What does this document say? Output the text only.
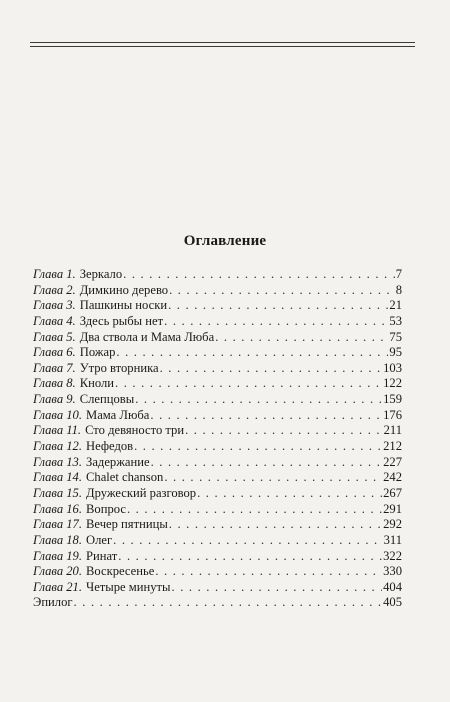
Оглавление
Глава 1. Зеркало . . .	7
Глава 2. Димкино дерево . . .	8
Глава 3. Пашкины носки . . .	21
Глава 4. Здесь рыбы нет . . .	53
Глава 5. Два ствола и Мама Люба . . .	75
Глава 6. Пожар . . .	95
Глава 7. Утро вторника . . .	103
Глава 8. Кноли . . .	122
Глава 9. Слепцовы . . .	159
Глава 10. Мама Люба . . .	176
Глава 11. Сто девяносто три . . .	211
Глава 12. Нефедов . . .	212
Глава 13. Задержание . . .	227
Глава 14. Chalet chanson . . .	242
Глава 15. Дружеский разговор . . .	267
Глава 16. Вопрос . . .	291
Глава 17. Вечер пятницы . . .	292
Глава 18. Олег . . .	311
Глава 19. Ринат . . .	322
Глава 20. Воскресенье . . .	330
Глава 21. Четыре минуты . . .	404
Эпилог . . .	405
